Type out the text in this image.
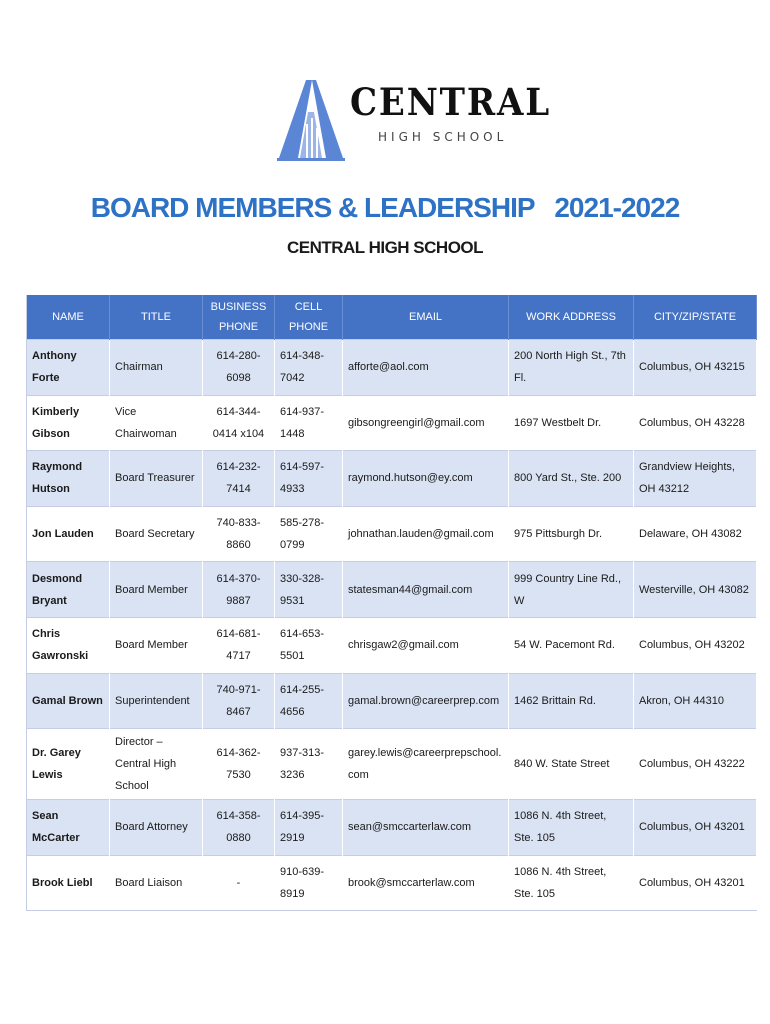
CENTRAL
HIGH SCHOOL
BOARD MEMBERS & LEADERSHIP   2021-2022
CENTRAL HIGH SCHOOL
NAME	TITLE	BUSINESS PHONE	CELL PHONE	EMAIL	WORK ADDRESS	CITY/ZIP/STATE
Anthony Forte	Chairman	614-280-6098	614-348-7042	afforte@aol.com	200 North High St., 7th Fl.	Columbus, OH 43215
Kimberly Gibson	Vice Chairwoman	614-344-0414 x104	614-937-1448	gibsongreengirl@gmail.com	1697 Westbelt Dr.	Columbus, OH 43228
Raymond Hutson	Board Treasurer	614-232-7414	614-597-4933	raymond.hutson@ey.com	800 Yard St., Ste. 200	Grandview Heights, OH 43212
Jon Lauden	Board Secretary	740-833-8860	585-278-0799	johnathan.lauden@gmail.com	975 Pittsburgh Dr.	Delaware, OH 43082
Desmond Bryant	Board Member	614-370-9887	330-328-9531	statesman44@gmail.com	999 Country Line Rd., W	Westerville, OH 43082
Chris Gawronski	Board Member	614-681-4717	614-653-5501	chrisgaw2@gmail.com	54 W. Pacemont Rd.	Columbus, OH 43202
Gamal Brown	Superintendent	740-971-8467	614-255-4656	gamal.brown@careerprep.com	1462 Brittain Rd.	Akron, OH 44310
Dr. Garey Lewis	Director – Central High School	614-362-7530	937-313-3236	garey.lewis@careerprepschool.com	840 W. State Street	Columbus, OH 43222
Sean McCarter	Board Attorney	614-358-0880	614-395-2919	sean@smccarterlaw.com	1086 N. 4th Street, Ste. 105	Columbus, OH 43201
Brook Liebl	Board Liaison	-	910-639-8919	brook@smccarterlaw.com	1086 N. 4th Street, Ste. 105	Columbus, OH 43201
